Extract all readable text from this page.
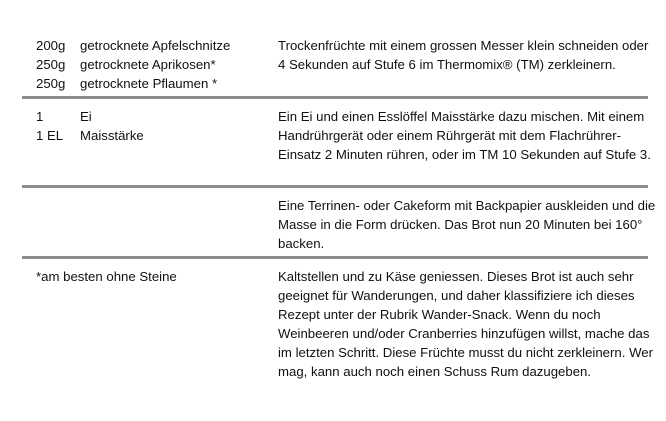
200g	getrocknete Apfelschnitze
250g	getrocknete Aprikosen*
250g	getrocknete Pflaumen *
Trockenfrüchte mit einem grossen Messer klein schneiden oder 4 Sekunden auf Stufe 6 im Thermomix® (TM) zerkleinern.
1	Ei
1 EL	Maisstärke
Ein Ei und einen Esslöffel Maisstärke dazu mischen. Mit einem Handrührgerät oder einem Rührgerät mit dem Flachrührer-Einsatz 2 Minuten rühren, oder im TM 10 Sekunden auf Stufe 3.
Eine Terrinen- oder Cakeform mit Backpapier auskleiden und die Masse in die Form drücken. Das Brot nun 20 Minuten bei 160° backen.
*am besten ohne Steine	Kaltstellen und zu Käse geniessen. Dieses Brot ist auch sehr geeignet für Wanderungen, und daher klassifiziere ich dieses Rezept unter der Rubrik Wander-Snack. Wenn du noch Weinbeeren und/oder Cranberries hinzufügen willst, mache das im letzten Schritt. Diese Früchte musst du nicht zerkleinern. Wer mag, kann auch noch einen Schuss Rum dazugeben.
